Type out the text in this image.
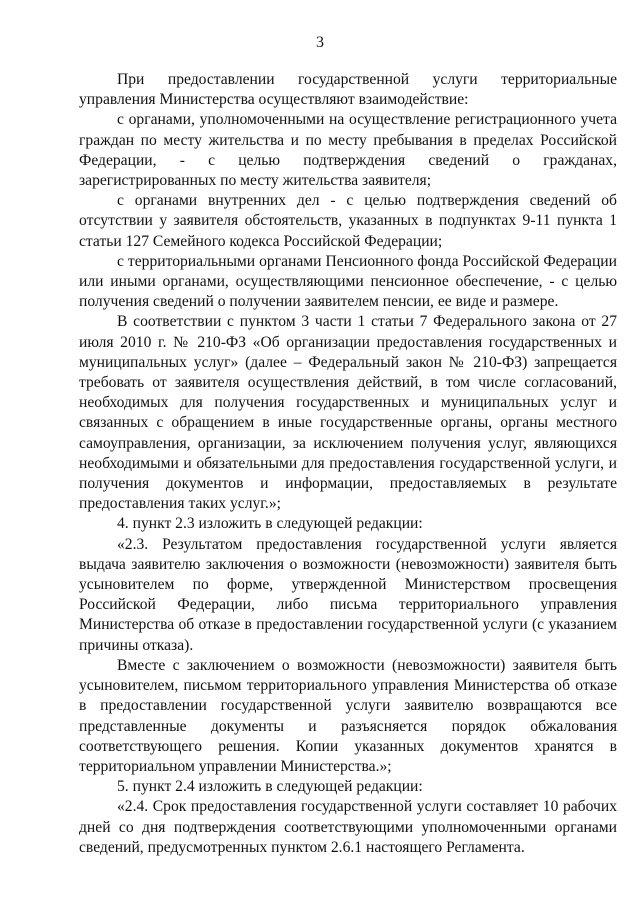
3

При предоставлении государственной услуги территориальные управления Министерства осуществляют взаимодействие:

с органами, уполномоченными на осуществление регистрационного учета граждан по месту жительства и по месту пребывания в пределах Российской Федерации, - с целью подтверждения сведений о гражданах, зарегистрированных по месту жительства заявителя;

с органами внутренних дел - с целью подтверждения сведений об отсутствии у заявителя обстоятельств, указанных в подпунктах 9-11 пункта 1 статьи 127 Семейного кодекса Российской Федерации;

с территориальными органами Пенсионного фонда Российской Федерации или иными органами, осуществляющими пенсионное обеспечение, - с целью получения сведений о получении заявителем пенсии, ее виде и размере.

В соответствии с пунктом 3 части 1 статьи 7 Федерального закона от 27 июля 2010 г. № 210-ФЗ «Об организации предоставления государственных и муниципальных услуг» (далее – Федеральный закон № 210-ФЗ) запрещается требовать от заявителя осуществления действий, в том числе согласований, необходимых для получения государственных и муниципальных услуг и связанных с обращением в иные государственные органы, органы местного самоуправления, организации, за исключением получения услуг, являющихся необходимыми и обязательными для предоставления государственной услуги, и получения документов и информации, предоставляемых в результате предоставления таких услуг.»;

4. пункт 2.3 изложить в следующей редакции:

«2.3. Результатом предоставления государственной услуги является выдача заявителю заключения о возможности (невозможности) заявителя быть усыновителем по форме, утвержденной Министерством просвещения Российской Федерации, либо письма территориального управления Министерства об отказе в предоставлении государственной услуги (с указанием причины отказа).

Вместе с заключением о возможности (невозможности) заявителя быть усыновителем, письмом территориального управления Министерства об отказе в предоставлении государственной услуги заявителю возвращаются все представленные документы и разъясняется порядок обжалования соответствующего решения. Копии указанных документов хранятся в территориальном управлении Министерства.»;

5. пункт 2.4 изложить в следующей редакции:

«2.4. Срок предоставления государственной услуги составляет 10 рабочих дней со дня подтверждения соответствующими уполномоченными органами сведений, предусмотренных пунктом 2.6.1 настоящего Регламента.
